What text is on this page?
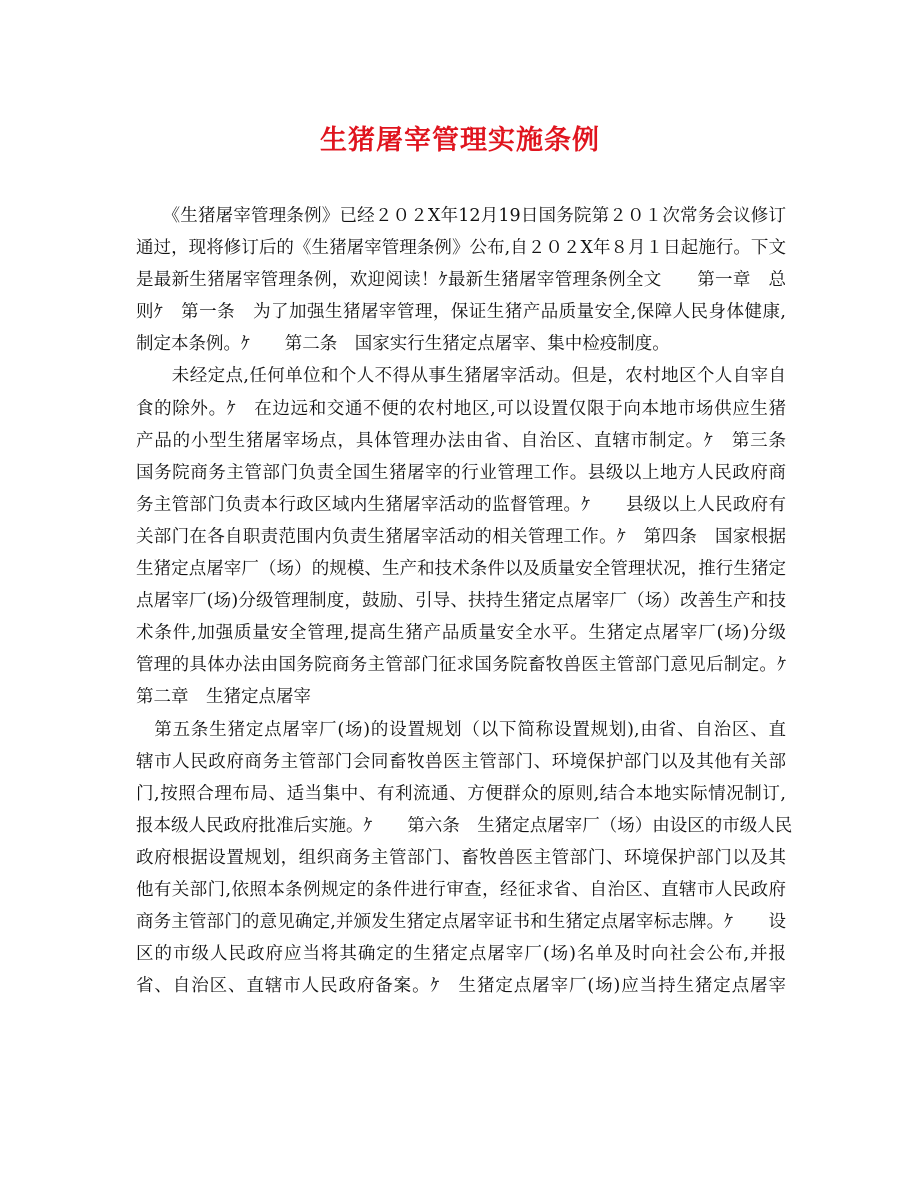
生猪屠宰管理实施条例
　　《生猪屠宰管理条例》已经２０２X年12月19日国务院第２０１次常务会议修订
通过，现将修订后的《生猪屠宰管理条例》公布,自２０２X年８月１日起施行。下文
是最新生猪屠宰管理条例，欢迎阅读！ｹ最新生猪屠宰管理条例全文　　第一章　总
则ｹ　第一条　为了加强生猪屠宰管理，保证生猪产品质量安全,保障人民身体健康,
制定本条例。ｹ　　第二条　国家实行生猪定点屠宰、集中检疫制度。
　　未经定点,任何单位和个人不得从事生猪屠宰活动。但是，农村地区个人自宰自
食的除外。ｹ　在边远和交通不便的农村地区,可以设置仅限于向本地市场供应生猪
产品的小型生猪屠宰场点，具体管理办法由省、自治区、直辖市制定。ｹ　第三条
国务院商务主管部门负责全国生猪屠宰的行业管理工作。县级以上地方人民政府商
务主管部门负责本行政区域内生猪屠宰活动的监督管理。ｹ　　县级以上人民政府有
关部门在各自职责范围内负责生猪屠宰活动的相关管理工作。ｹ　第四条　国家根据
生猪定点屠宰厂（场）的规模、生产和技术条件以及质量安全管理状况，推行生猪定
点屠宰厂(场)分级管理制度，鼓励、引导、扶持生猪定点屠宰厂（场）改善生产和技
术条件,加强质量安全管理,提高生猪产品质量安全水平。生猪定点屠宰厂(场)分级
管理的具体办法由国务院商务主管部门征求国务院畜牧兽医主管部门意见后制定。ｹ
第二章　生猪定点屠宰
　第五条生猪定点屠宰厂(场)的设置规划（以下简称设置规划),由省、自治区、直
辖市人民政府商务主管部门会同畜牧兽医主管部门、环境保护部门以及其他有关部
门,按照合理布局、适当集中、有利流通、方便群众的原则,结合本地实际情况制订,
报本级人民政府批准后实施。ｹ　　第六条　生猪定点屠宰厂（场）由设区的市级人民
政府根据设置规划，组织商务主管部门、畜牧兽医主管部门、环境保护部门以及其
他有关部门,依照本条例规定的条件进行审查，经征求省、自治区、直辖市人民政府
商务主管部门的意见确定,并颁发生猪定点屠宰证书和生猪定点屠宰标志牌。ｹ　　设
区的市级人民政府应当将其确定的生猪定点屠宰厂(场)名单及时向社会公布,并报
省、自治区、直辖市人民政府备案。ｹ　生猪定点屠宰厂(场)应当持生猪定点屠宰
